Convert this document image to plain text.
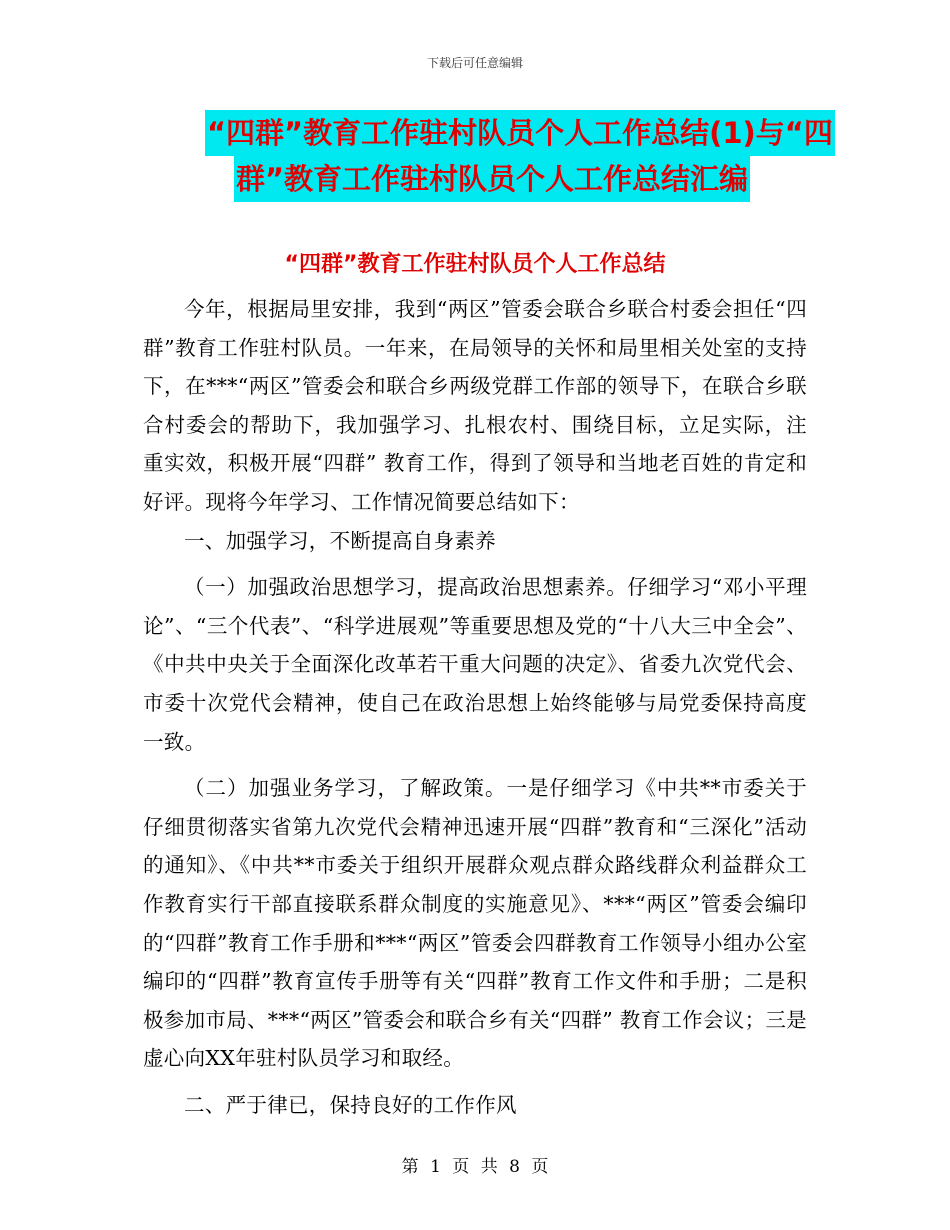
下载后可任意编辑
“四群”教育工作驻村队员个人工作总结(1)与“四
群”教育工作驻村队员个人工作总结汇编
“四群”教育工作驻村队员个人工作总结

今年，根据局里安排，我到“两区”管委会联合乡联合村委会担任“四群”教育工作驻村队员。一年来，在局领导的关怀和局里相关处室的支持下，在***“两区”管委会和联合乡两级党群工作部的领导下，在联合乡联合村委会的帮助下，我加强学习、扎根农村、围绕目标，立足实际，注重实效，积极开展“四群” 教育工作，得到了领导和当地老百姓的肯定和好评。现将今年学习、工作情况简要总结如下：

一、加强学习，不断提高自身素养

（一）加强政治思想学习，提高政治思想素养。仔细学习“邓小平理论”、“三个代表”、“科学进展观”等重要思想及党的“十八大三中全会”、《中共中央关于全面深化改革若干重大问题的决定》、省委九次党代会、市委十次党代会精神，使自己在政治思想上始终能够与局党委保持高度一致。

（二）加强业务学习，了解政策。一是仔细学习《中共**市委关于仔细贯彻落实省第九次党代会精神迅速开展“四群”教育和“三深化”活动的通知》、《中共**市委关于组织开展群众观点群众路线群众利益群众工作教育实行干部直接联系群众制度的实施意见》、***“两区”管委会编印的“四群”教育工作手册和***“两区”管委会四群教育工作领导小组办公室编印的“四群”教育宣传手册等有关“四群”教育工作文件和手册；二是积极参加市局、***“两区”管委会和联合乡有关“四群” 教育工作会议；三是虚心向XX年驻村队员学习和取经。

二、严于律已，保持良好的工作作风

第 1 页 共 8 页
